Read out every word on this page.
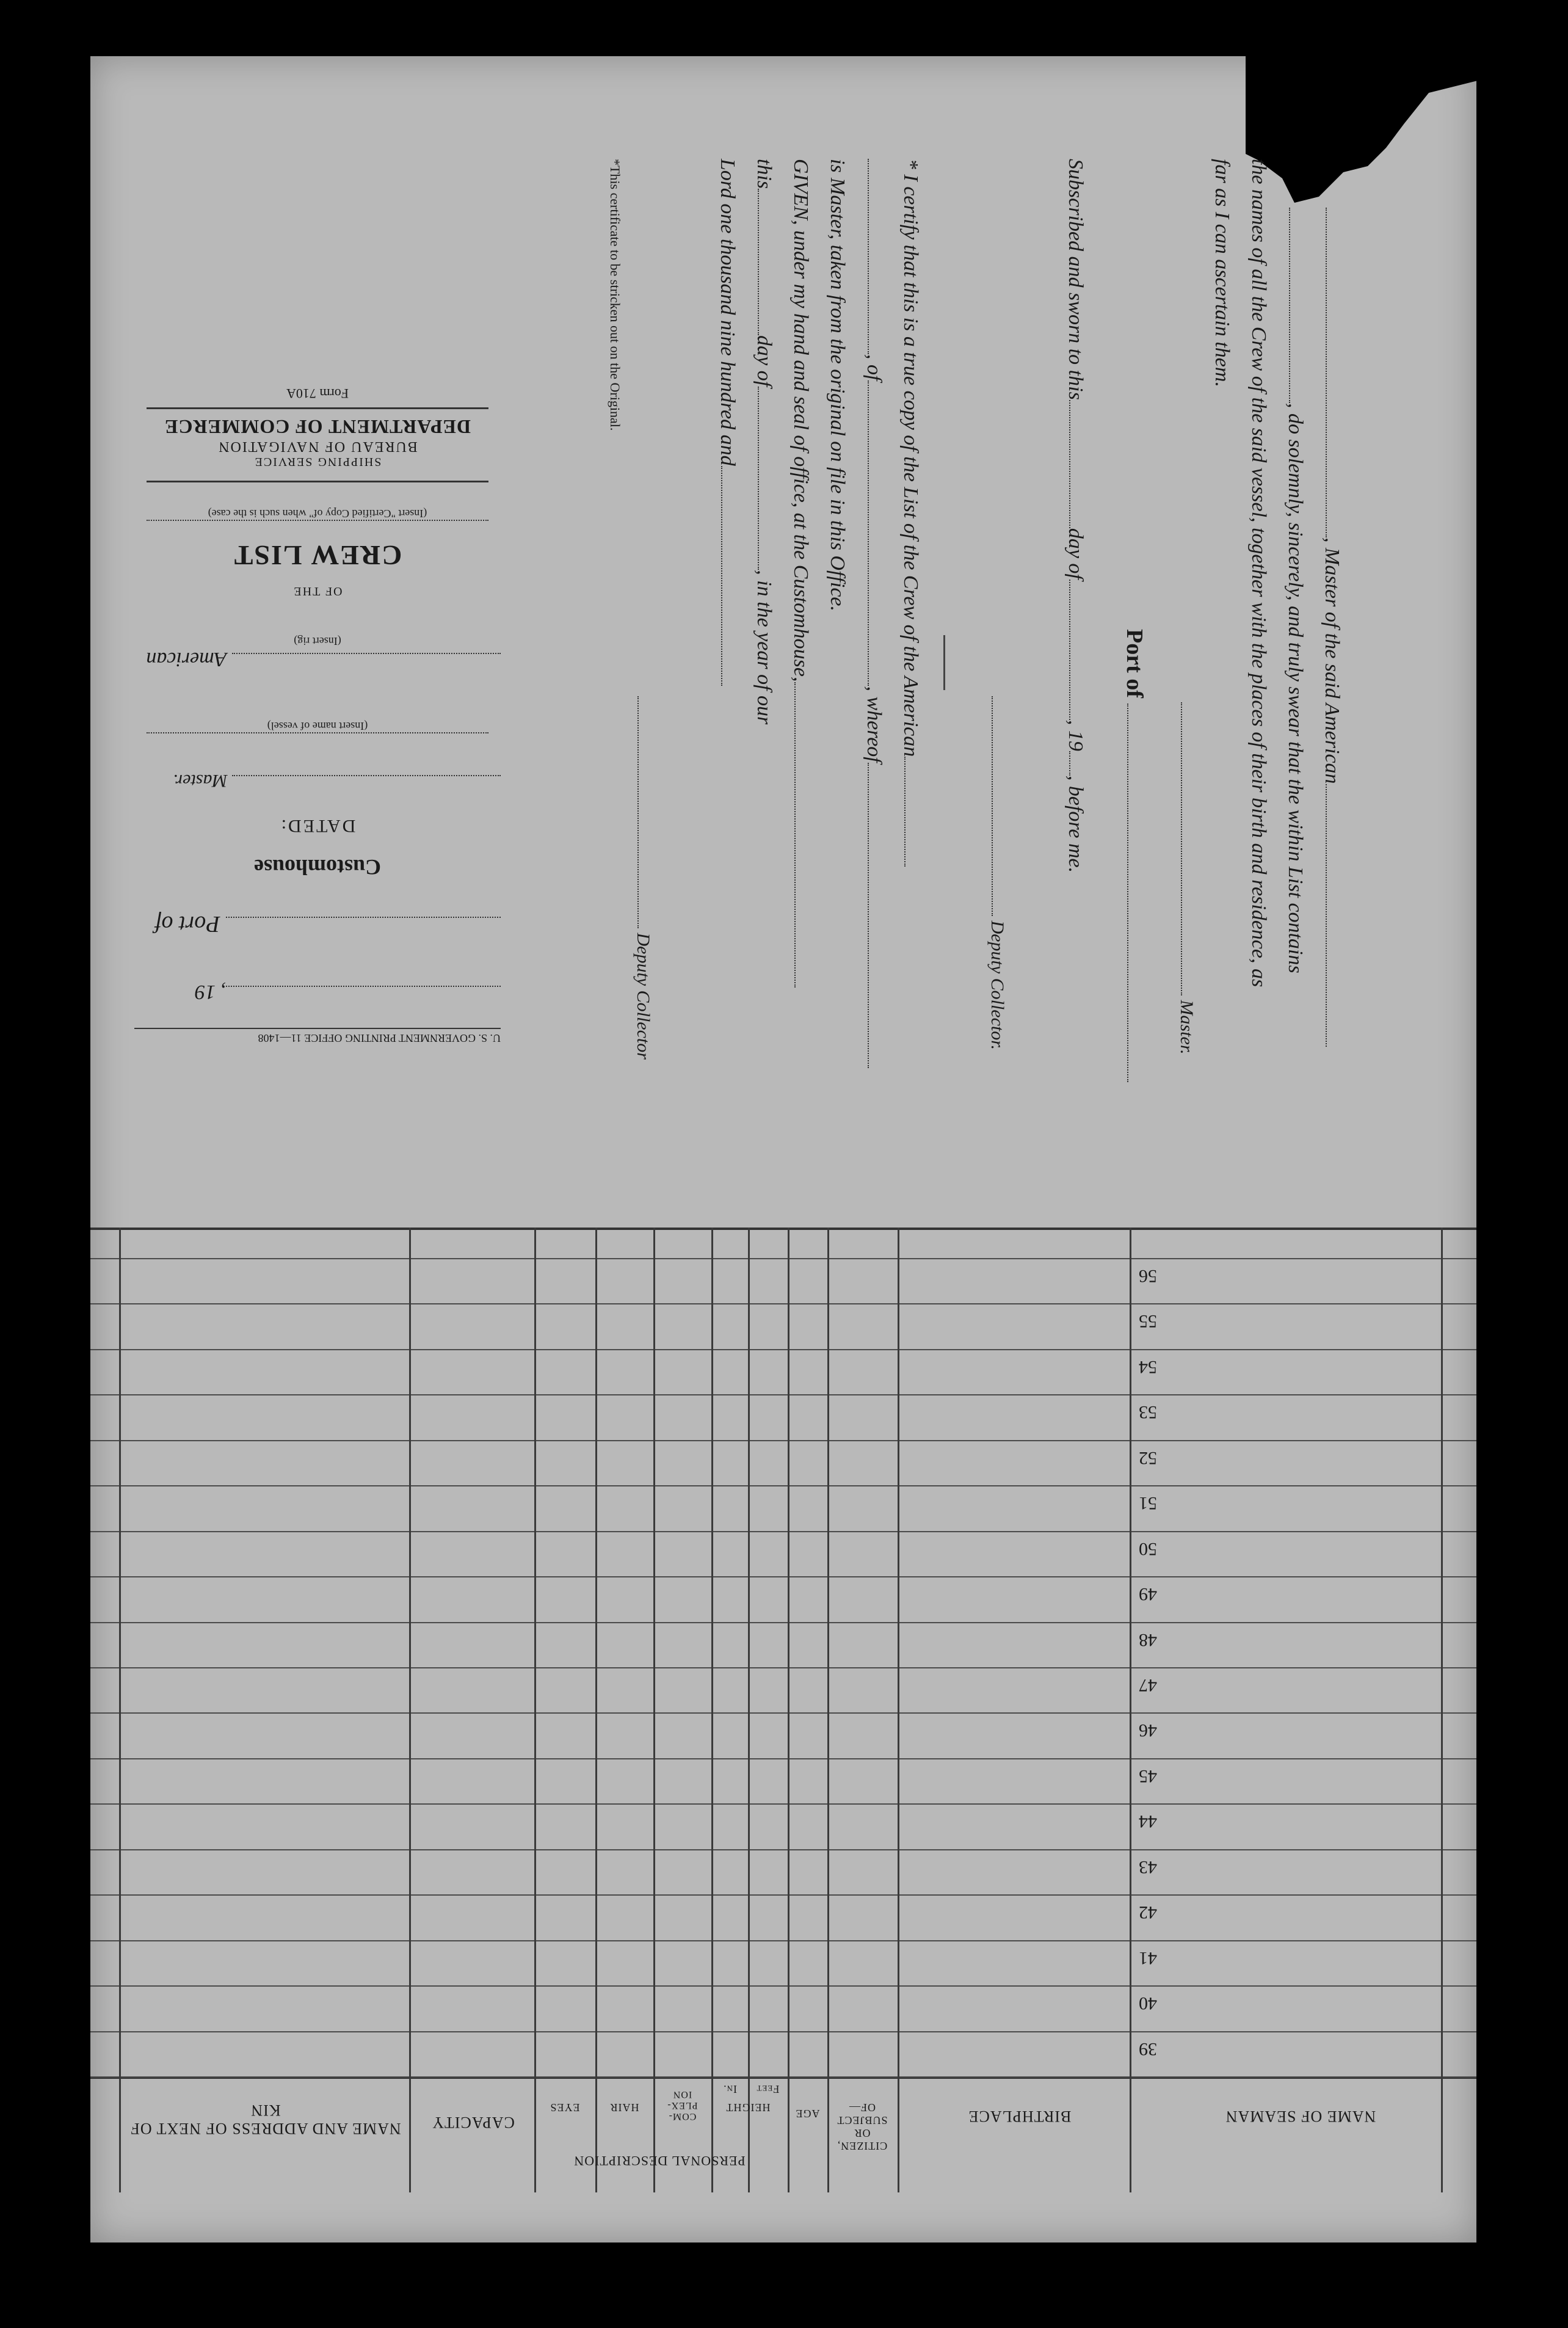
, Master of the said American
, do solemnly, sincerely, and truly swear that the within List contains
the names of all the Crew of the said vessel, together with the places of their birth and residence, as
far as I can ascertain them.
Master.
Port of
Subscribed and sworn to thisday of, 19, before me.
Deputy Collector.
* I certify that this is a true copy of the List of the Crew of the American
, of, whereof
is Master, taken from the original on file in this Office.
GIVEN, under my hand and seal of office, at the Customhouse,
thisday of, in the year of our
Lord one thousand nine hundred and
Deputy Collector
*This certificate to be stricken out on the Original.
U. S. GOVERNMENT PRINTING OFFICE 11—1408
, 19
Port of
Customhouse
DATED:
Master.
(Insert name of vessel)
American
(Insert rig)
OF THE
CREW LIST
(Insert "Certified Copy of" when such is the case)
SHIPPING SERVICE
BUREAU OF NAVIGATION
DEPARTMENT OF COMMERCE
Form 710A
NAME OF SEAMAN
BIRTHPLACE
CITIZEN, OR SUBJECT OF—
AGE
PERSONAL DESCRIPTION
HEIGHT
Feet
In.
COM- PLEX- ION
HAIR
EYES
CAPACITY
NAME AND ADDRESS OF NEXT OF KIN
39
40
41
42
43
44
45
46
47
48
49
50
51
52
53
54
55
56
